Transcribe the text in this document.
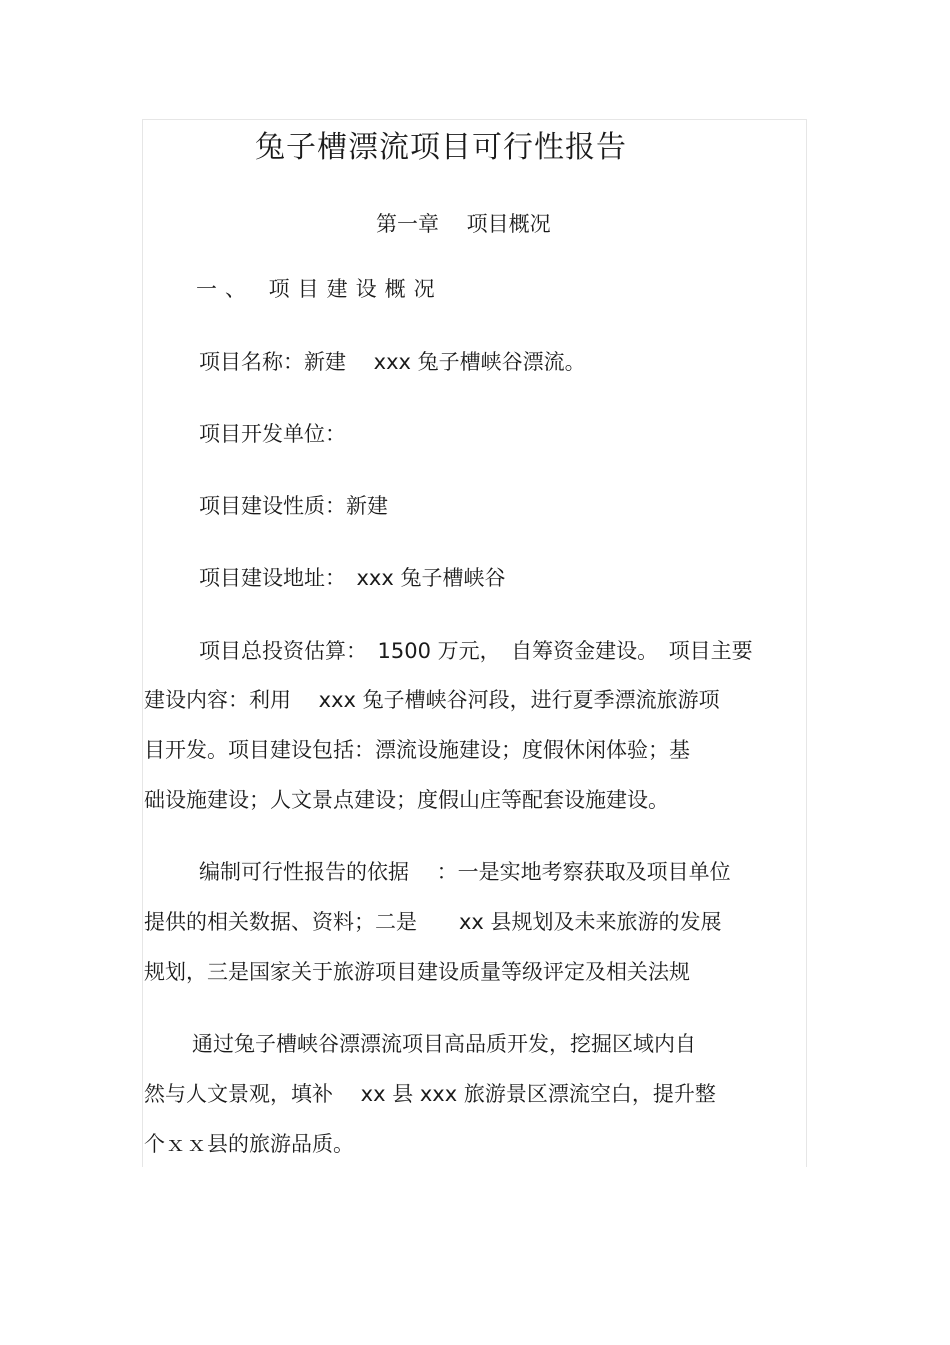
兔子槽漂流项目可行性报告
第一章　 项目概况
一、 项目建设概况
项目名称：新建　 xxx 兔子槽峡谷漂流。
项目开发单位：
项目建设性质：新建
项目建设地址：　xxx 兔子槽峡谷
项目总投资估算：　1500 万元，　自筹资金建设。　项目主要
建设内容：利用　 xxx 兔子槽峡谷河段，进行夏季漂流旅游项
目开发。项目建设包括：漂流设施建设；度假休闲体验；基
础设施建设；人文景点建设；度假山庄等配套设施建设。
编制可行性报告的依据　 ：一是实地考察获取及项目单位
提供的相关数据、资料；二是　　xx 县规划及未来旅游的发展
规划，三是国家关于旅游项目建设质量等级评定及相关法规
通过兔子槽峡谷漂漂流项目高品质开发，挖掘区域内自
然与人文景观，填补　 xx 县 xxx 旅游景区漂流空白，提升整
个ｘｘ县的旅游品质。
